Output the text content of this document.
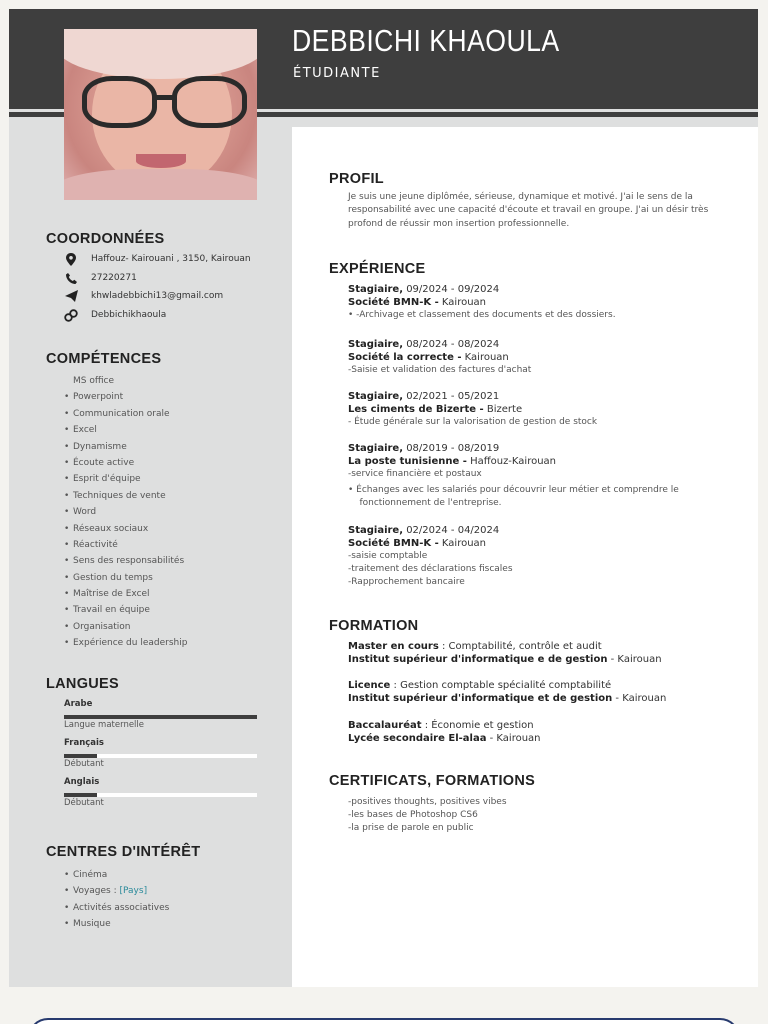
DEBBICHI KHAOULA
ÉTUDIANTE
COORDONNÉES
Haffouz- Kairouani , 3150, Kairouan
27220271
khwladebbichi13@gmail.com
Debbichikhaoula
COMPÉTENCES
MS office
• Powerpoint
• Communication orale
• Excel
• Dynamisme
• Écoute active
• Esprit d'équipe
• Techniques de vente
• Word
• Réseaux sociaux
• Réactivité
• Sens des responsabilités
• Gestion du temps
• Maîtrise de Excel
• Travail en équipe
• Organisation
• Expérience du leadership
LANGUES
Arabe
Langue maternelle
Français
Débutant
Anglais
Débutant
CENTRES D'INTÉRÊT
• Cinéma
• Voyages : [Pays]
• Activités associatives
• Musique
PROFIL
Je suis une jeune diplômée, sérieuse, dynamique et motivé. J'ai le sens de la responsabilité avec une capacité d'écoute et travail en groupe. J'ai un désir très profond de réussir mon insertion professionnelle.
EXPÉRIENCE
Stagiaire, 09/2024 - 09/2024
Société BMN-K - Kairouan
• -Archivage et classement des documents et des dossiers.
Stagiaire, 08/2024 - 08/2024
Société la correcte - Kairouan
-Saisie et validation des factures d'achat
Stagiaire, 02/2021 - 05/2021
Les ciments de Bizerte - Bizerte
- Étude générale sur la valorisation de gestion de stock
Stagiaire, 08/2019 - 08/2019
La poste tunisienne - Haffouz-Kairouan
-service financière et postaux
• Échanges avec les salariés pour découvrir leur métier et comprendre le
fonctionnement de l'entreprise.
Stagiaire, 02/2024 - 04/2024
Société BMN-K - Kairouan
-saisie comptable
-traitement des déclarations fiscales
-Rapprochement bancaire
FORMATION
Master en cours : Comptabilité, contrôle et audit
Institut supérieur d'informatique e de gestion - Kairouan
Licence : Gestion comptable spécialité comptabilité
Institut supérieur d'informatique et de gestion - Kairouan
Baccalauréat : Économie et gestion
Lycée secondaire El-alaa - Kairouan
CERTIFICATS, FORMATIONS
-positives thoughts, positives vibes
-les bases de Photoshop CS6
-la prise de parole en public
